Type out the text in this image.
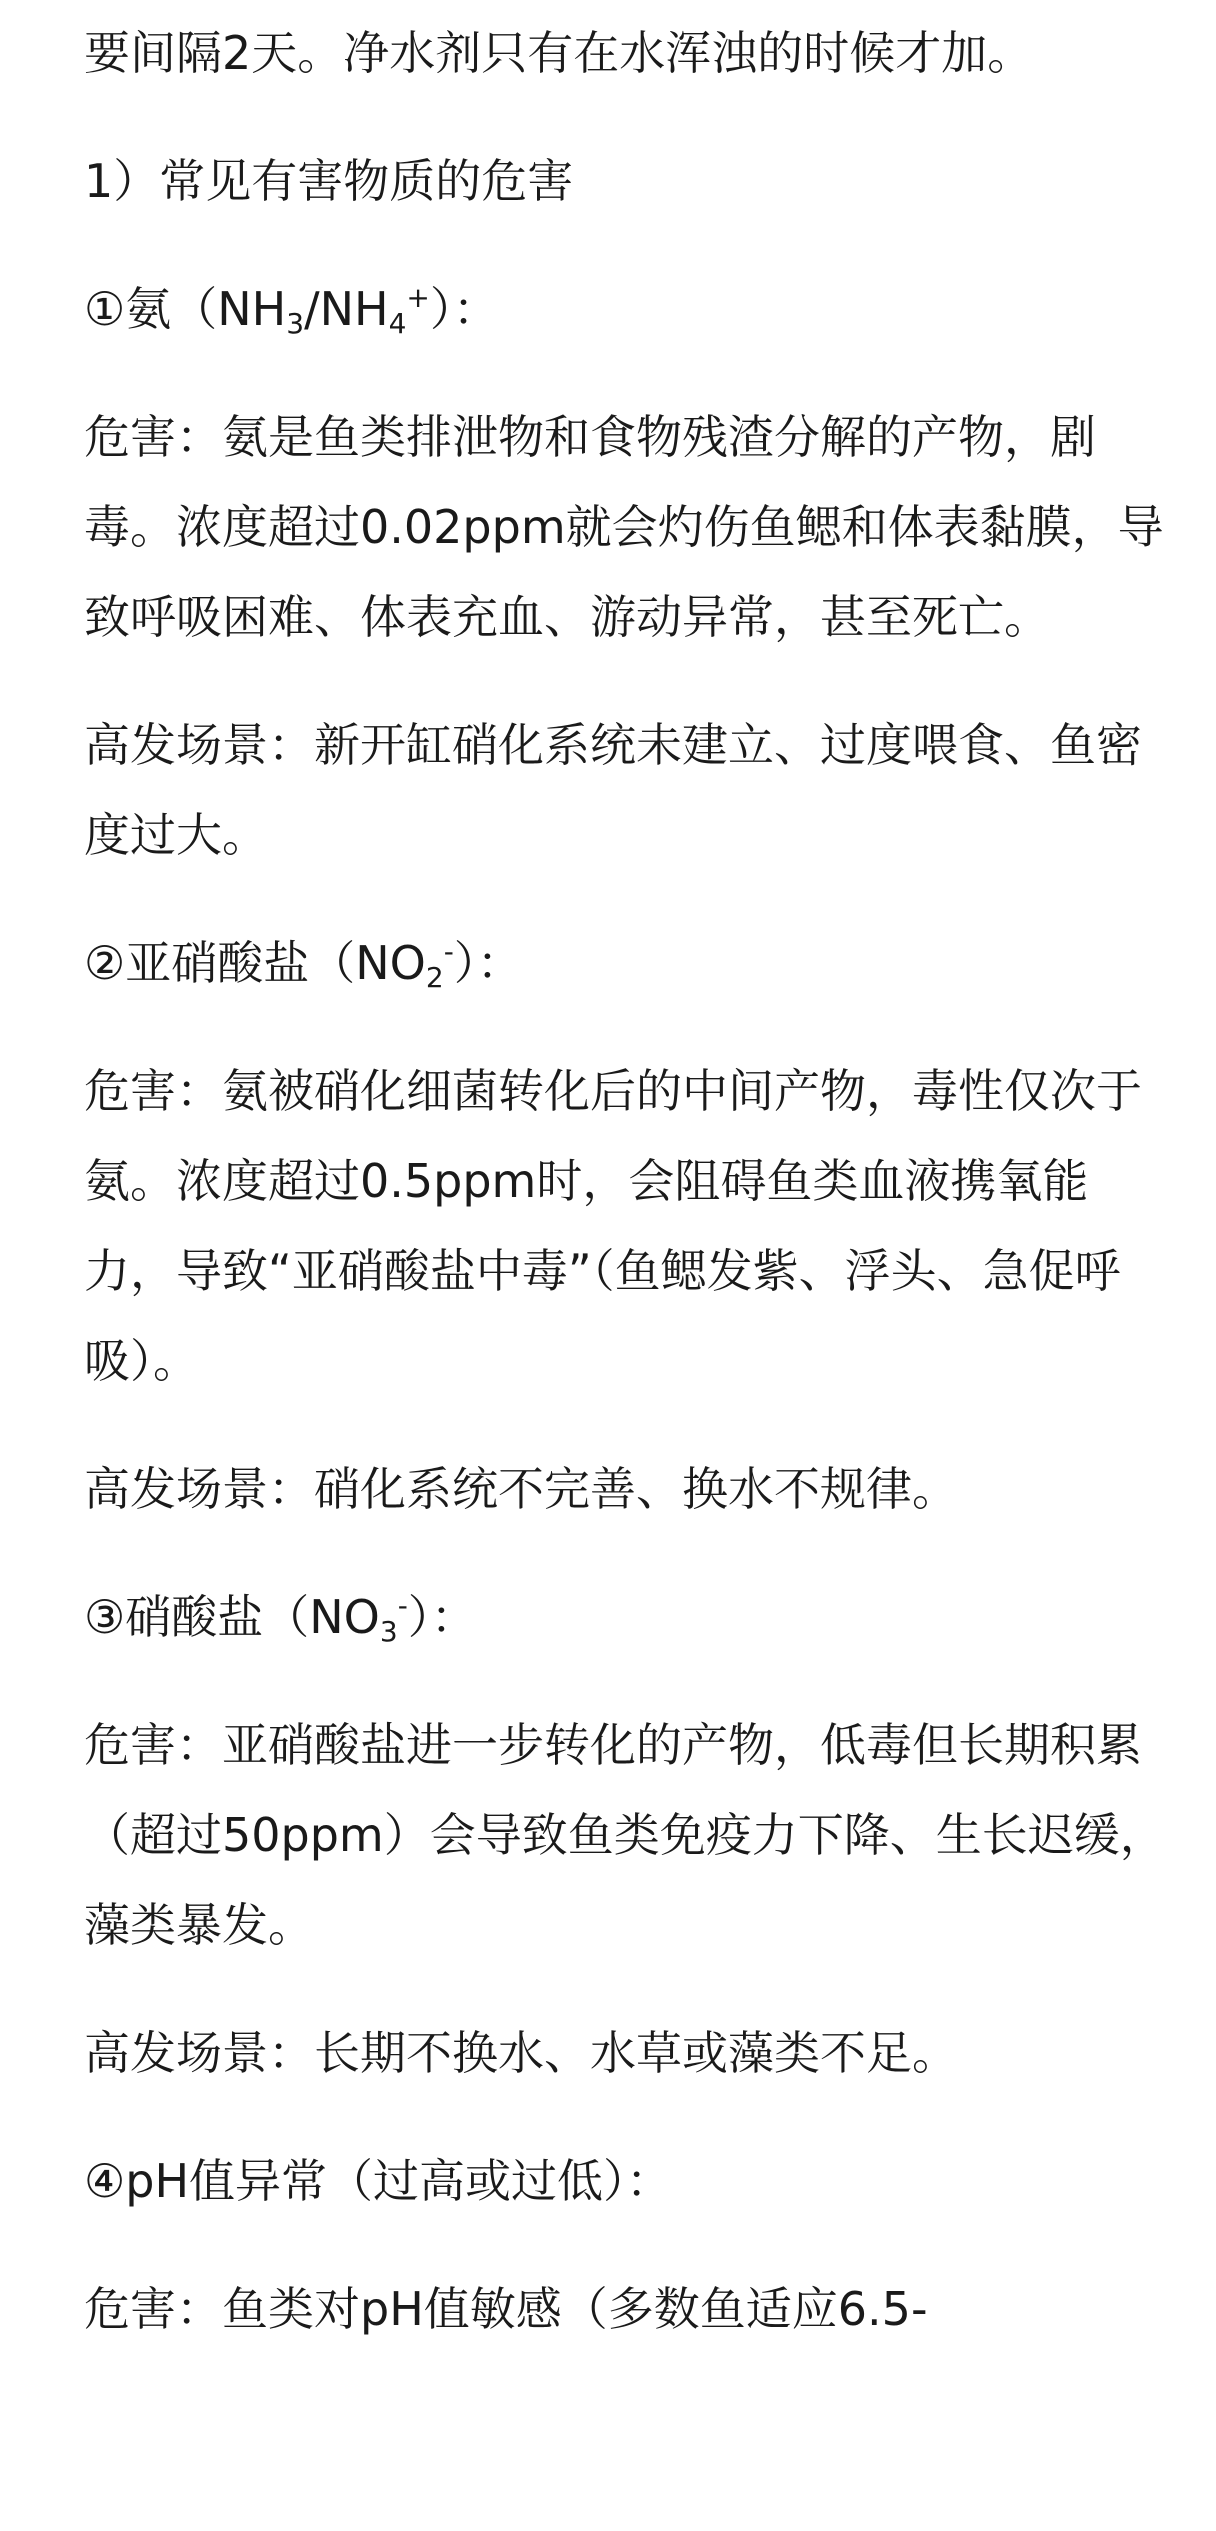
要间隔2天。净水剂只有在水浑浊的时候才加。

1）常见有害物质的危害

①氨$(NH_3/NH_4^+)$：

危害：氨是鱼类排泄物和食物残渣分解的产物，剧毒。浓度超过0.02ppm就会灼伤鱼鳃和体表黏膜，导致呼吸困难、体表充血、游动异常，甚至死亡。

高发场景：新开缸硝化系统未建立、过度喂食、鱼密度过大。

②亚硝酸盐$(NO_2^-)$：

危害：氨被硝化细菌转化后的中间产物，毒性仅次于氨。浓度超过0.5ppm时，会阻碍鱼类血液携氧能力，导致“亚硝酸盐中毒”（鱼鳃发紫、浮头、急促呼吸）。

高发场景：硝化系统不完善、换水不规律。

③硝酸盐$(NO_3^-)$：

危害：亚硝酸盐进一步转化的产物，低毒但长期积累（超过50ppm）会导致鱼类免疫力下降、生长迟缓，藻类暴发。

高发场景：长期不换水、水草或藻类不足。

④pH值异常（过高或过低）：

危害：鱼类对pH值敏感（多数鱼适应6.5-
